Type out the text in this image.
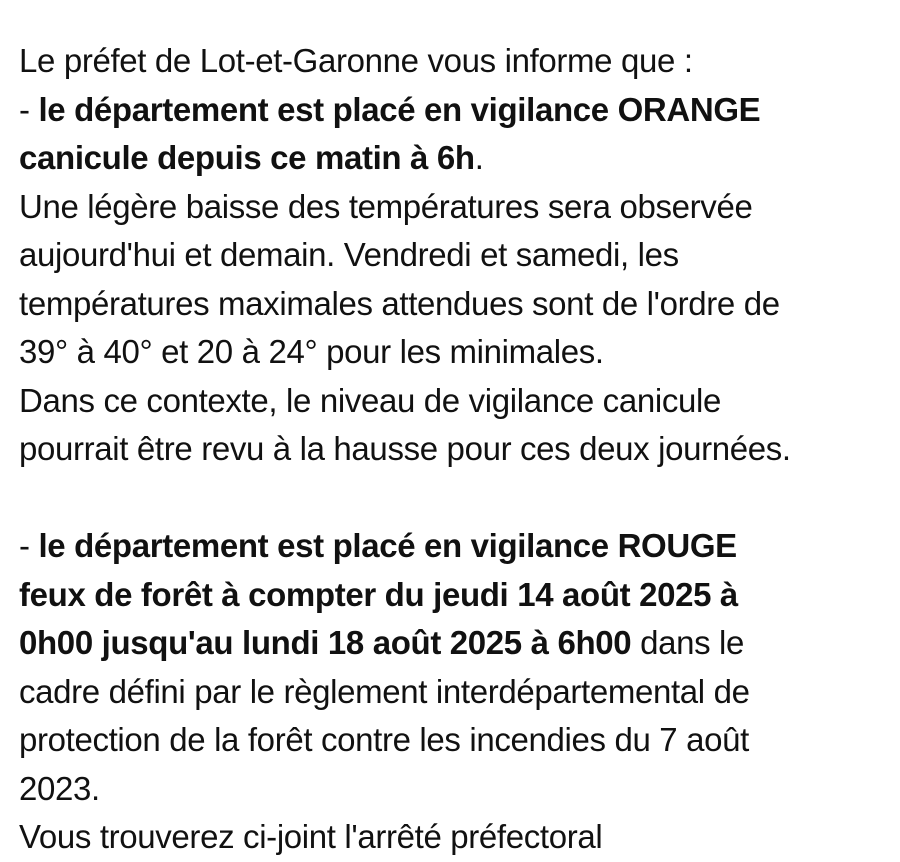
Le préfet de Lot-et-Garonne vous informe que :
- le département est placé en vigilance ORANGE
canicule depuis ce matin à 6h.
Une légère baisse des températures sera observée
aujourd'hui et demain. Vendredi et samedi, les
températures maximales attendues sont de l'ordre de
39° à 40° et 20 à 24° pour les minimales.
Dans ce contexte, le niveau de vigilance canicule
pourrait être revu à la hausse pour ces deux journées.
- le département est placé en vigilance ROUGE
feux de forêt à compter du jeudi 14 août 2025 à
0h00 jusqu'au lundi 18 août 2025 à 6h00 dans le
cadre défini par le règlement interdépartemental de
protection de la forêt contre les incendies du 7 août
2023.
Vous trouverez ci-joint l'arrêté préfectoral
